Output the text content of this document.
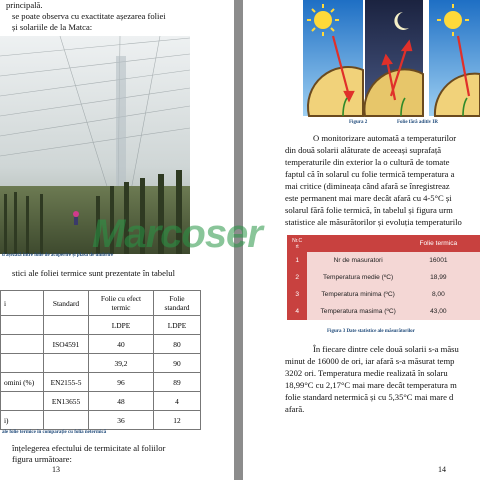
principală.
se poate observa cu exactitate așezarea foliei
și solariile de la Matca:
d așezată între folie de acoperire și plasa de umbrire
stici ale foliei termice sunt prezentate în tabelul
i	Standard	Folie cu efect termic	Folie standard
		LDPE	LDPE
	ISO4591	40	80
		39,2	90
omini (%)	EN2155-5	96	89
	EN13655	48	4
i)		36	12
ale folie termice în comparație cu folia netermică
înțelegerea efectului de termicitate al foliilor
figura următoare:
13
Figura 2	Folie fără aditiv IR
O monitorizare automată a temperaturilor
din două solarii alăturate de aceeași suprafață
temperaturile din exterior la o cultură de tomate
faptul că în solarul cu folie termică temperatura a
mai critice (dimineața când afară se înregistreaz
este permanent mai mare decât afară cu 4-5°C și
solarul fără folie termică, în tabelul și figura urm
statistice ale măsurătorilor și evoluția temperaturilo
Nr.C rt		Folie termica	
1	Nr de masuratori	16001	
2	Temperatura medie (ºC)	18,99	
3	Temperatura minima (ºC)	8,00	
4	Temperatura masima (ºC)	43,00	
Figura 3 Date statistice ale măsurătorilor
În fiecare dintre cele două solarii s-a măsu
minut de 16000 de ori, iar afară s-a măsurat temp
3202 ori. Temperatura medie realizată în solaru
18,99°C cu 2,17°C mai mare decât temperatura m
folie standard netermică și cu 5,35°C mai mare d
afară.
14
Marcoser
